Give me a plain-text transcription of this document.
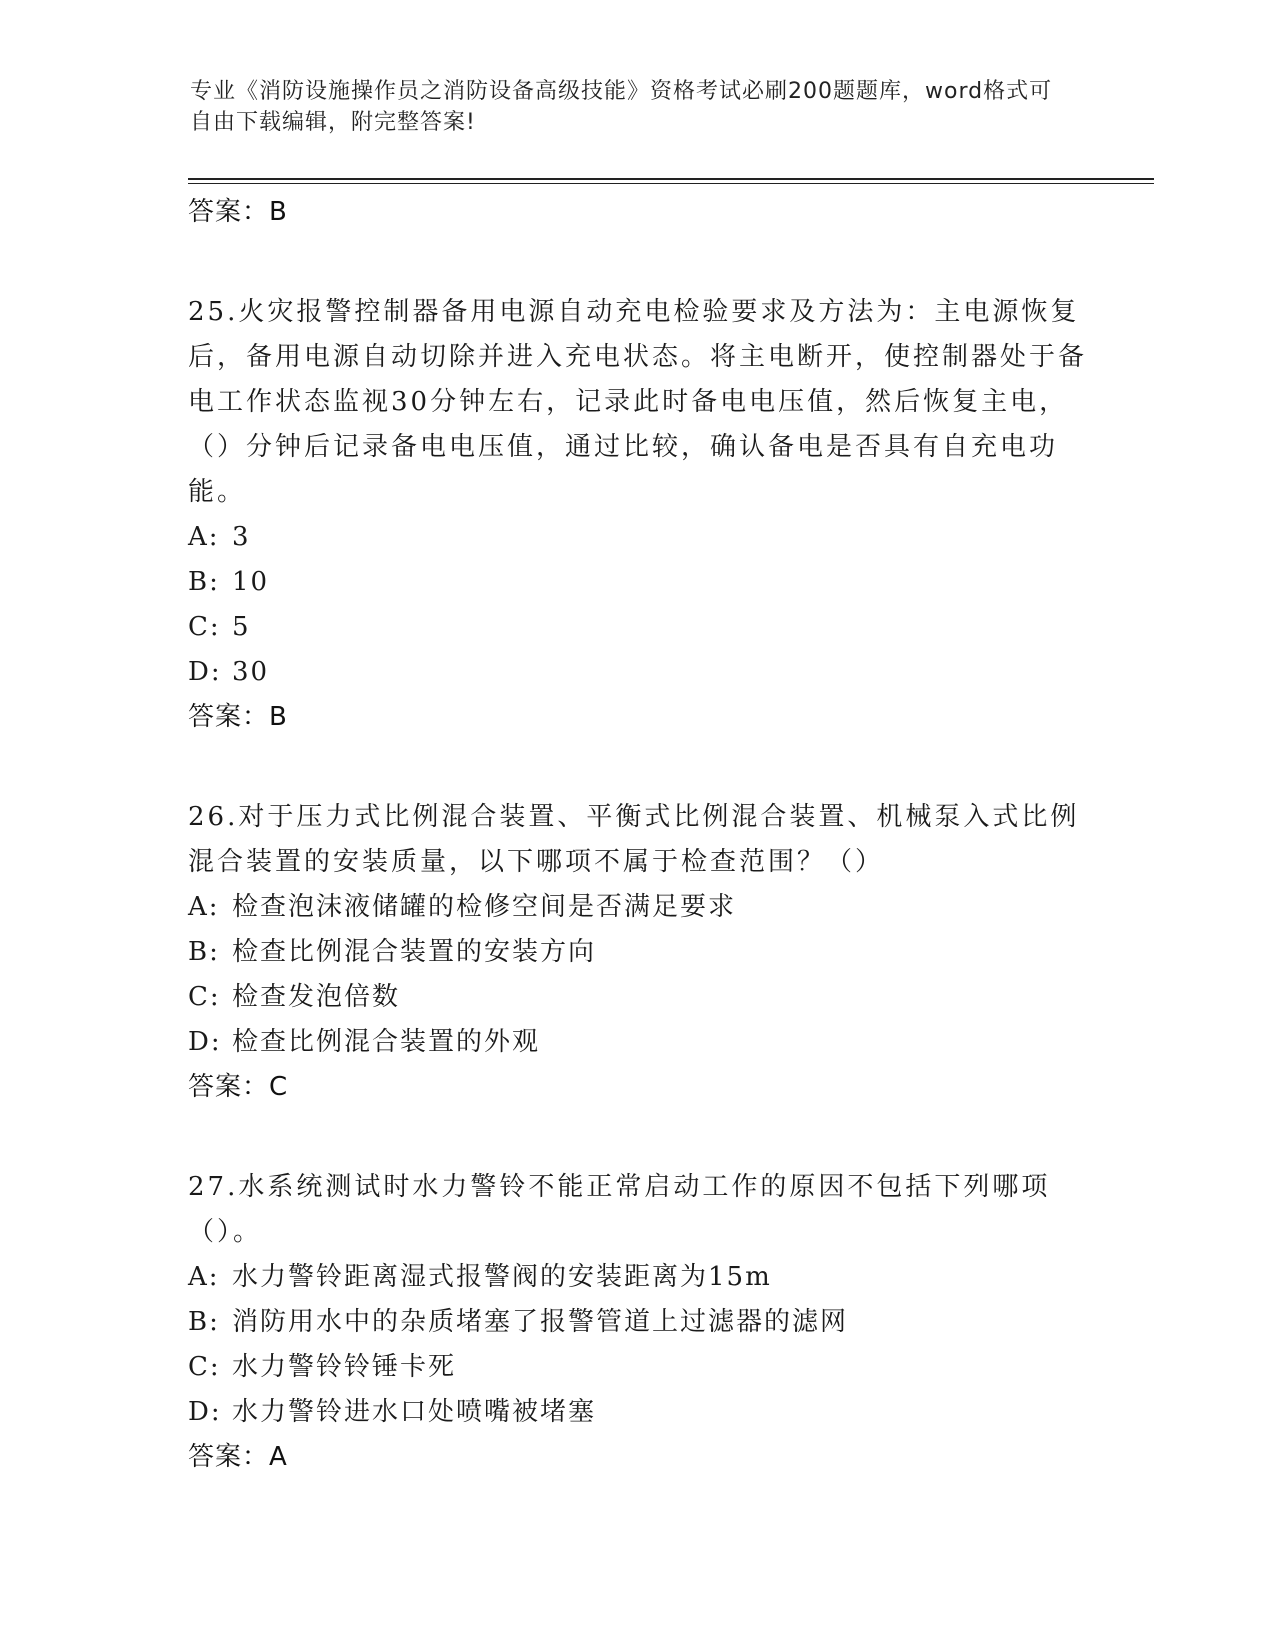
专业《消防设施操作员之消防设备高级技能》资格考试必刷200题题库，word格式可自由下载编辑，附完整答案!
答案：B
25.火灾报警控制器备用电源自动充电检验要求及方法为：主电源恢复后，备用电源自动切除并进入充电状态。将主电断开，使控制器处于备电工作状态监视30分钟左右，记录此时备电电压值，然后恢复主电，（）分钟后记录备电电压值，通过比较，确认备电是否具有自充电功能。
A: 3
B: 10
C: 5
D: 30
答案：B
26.对于压力式比例混合装置、平衡式比例混合装置、机械泵入式比例混合装置的安装质量，以下哪项不属于检查范围？（）
A: 检查泡沫液储罐的检修空间是否满足要求
B: 检查比例混合装置的安装方向
C: 检查发泡倍数
D: 检查比例混合装置的外观
答案：C
27.水系统测试时水力警铃不能正常启动工作的原因不包括下列哪项（）。
A: 水力警铃距离湿式报警阀的安装距离为15m
B: 消防用水中的杂质堵塞了报警管道上过滤器的滤网
C: 水力警铃铃锤卡死
D: 水力警铃进水口处喷嘴被堵塞
答案：A
